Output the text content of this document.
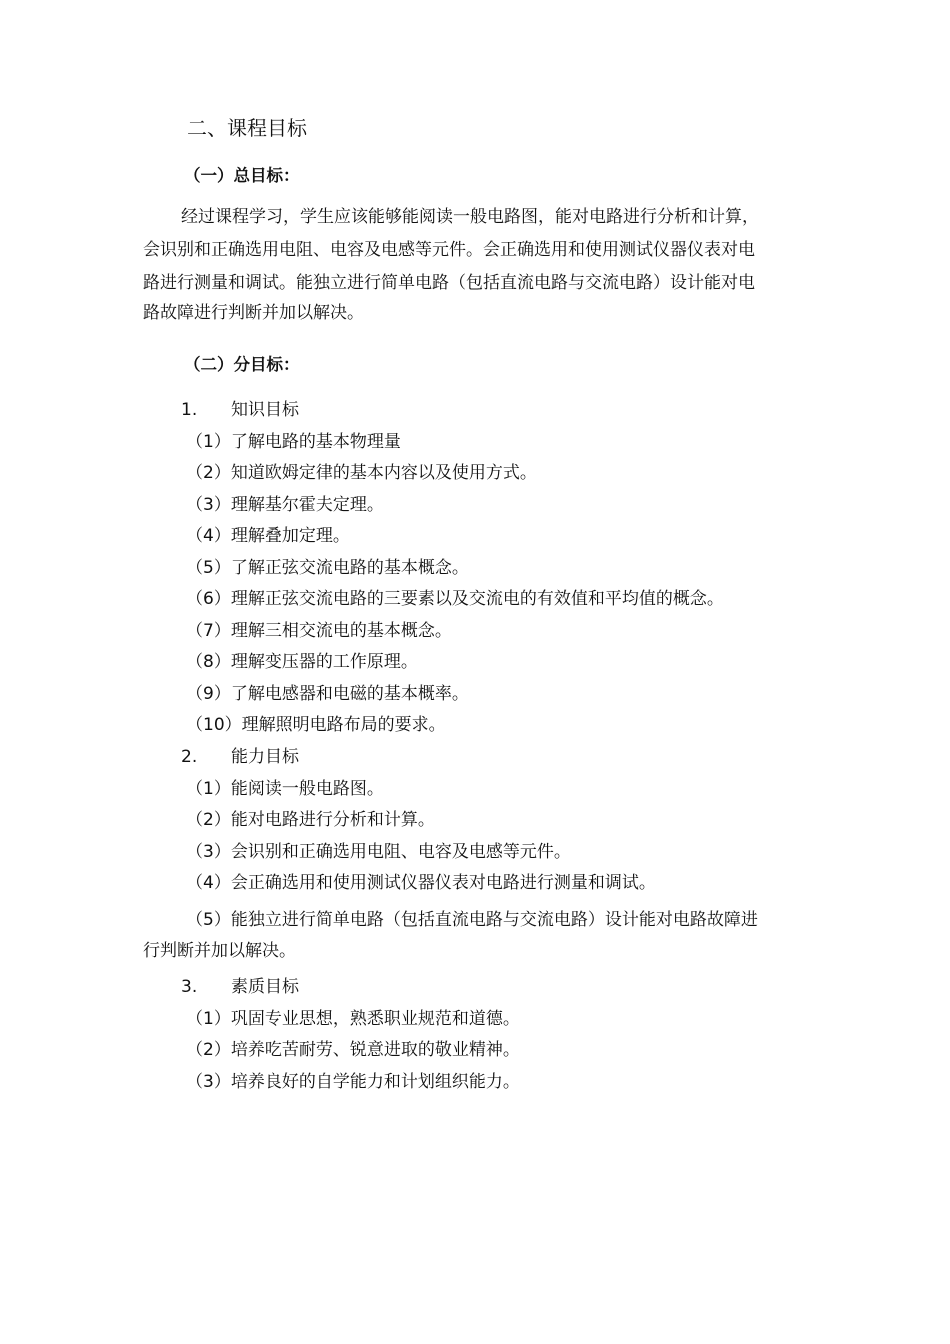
二、课程目标
（一）总目标：
经过课程学习，学生应该能够能阅读一般电路图，能对电路进行分析和计算，
会识别和正确选用电阻、电容及电感等元件。会正确选用和使用测试仪器仪表对电
路进行测量和调试。能独立进行简单电路（包括直流电路与交流电路）设计能对电
路故障进行判断并加以解决。
（二）分目标：
1. 知识目标
（1）了解电路的基本物理量
（2）知道欧姆定律的基本内容以及使用方式。
（3）理解基尔霍夫定理。
（4）理解叠加定理。
（5）了解正弦交流电路的基本概念。
（6）理解正弦交流电路的三要素以及交流电的有效值和平均值的概念。
（7）理解三相交流电的基本概念。
（8）理解变压器的工作原理。
（9）了解电感器和电磁的基本概率。
（10）理解照明电路布局的要求。
2. 能力目标
（1）能阅读一般电路图。
（2）能对电路进行分析和计算。
（3）会识别和正确选用电阻、电容及电感等元件。
（4）会正确选用和使用测试仪器仪表对电路进行测量和调试。
（5）能独立进行简单电路（包括直流电路与交流电路）设计能对电路故障进
行判断并加以解决。
3. 素质目标
（1）巩固专业思想，熟悉职业规范和道德。
（2）培养吃苦耐劳、锐意进取的敬业精神。
（3）培养良好的自学能力和计划组织能力。
